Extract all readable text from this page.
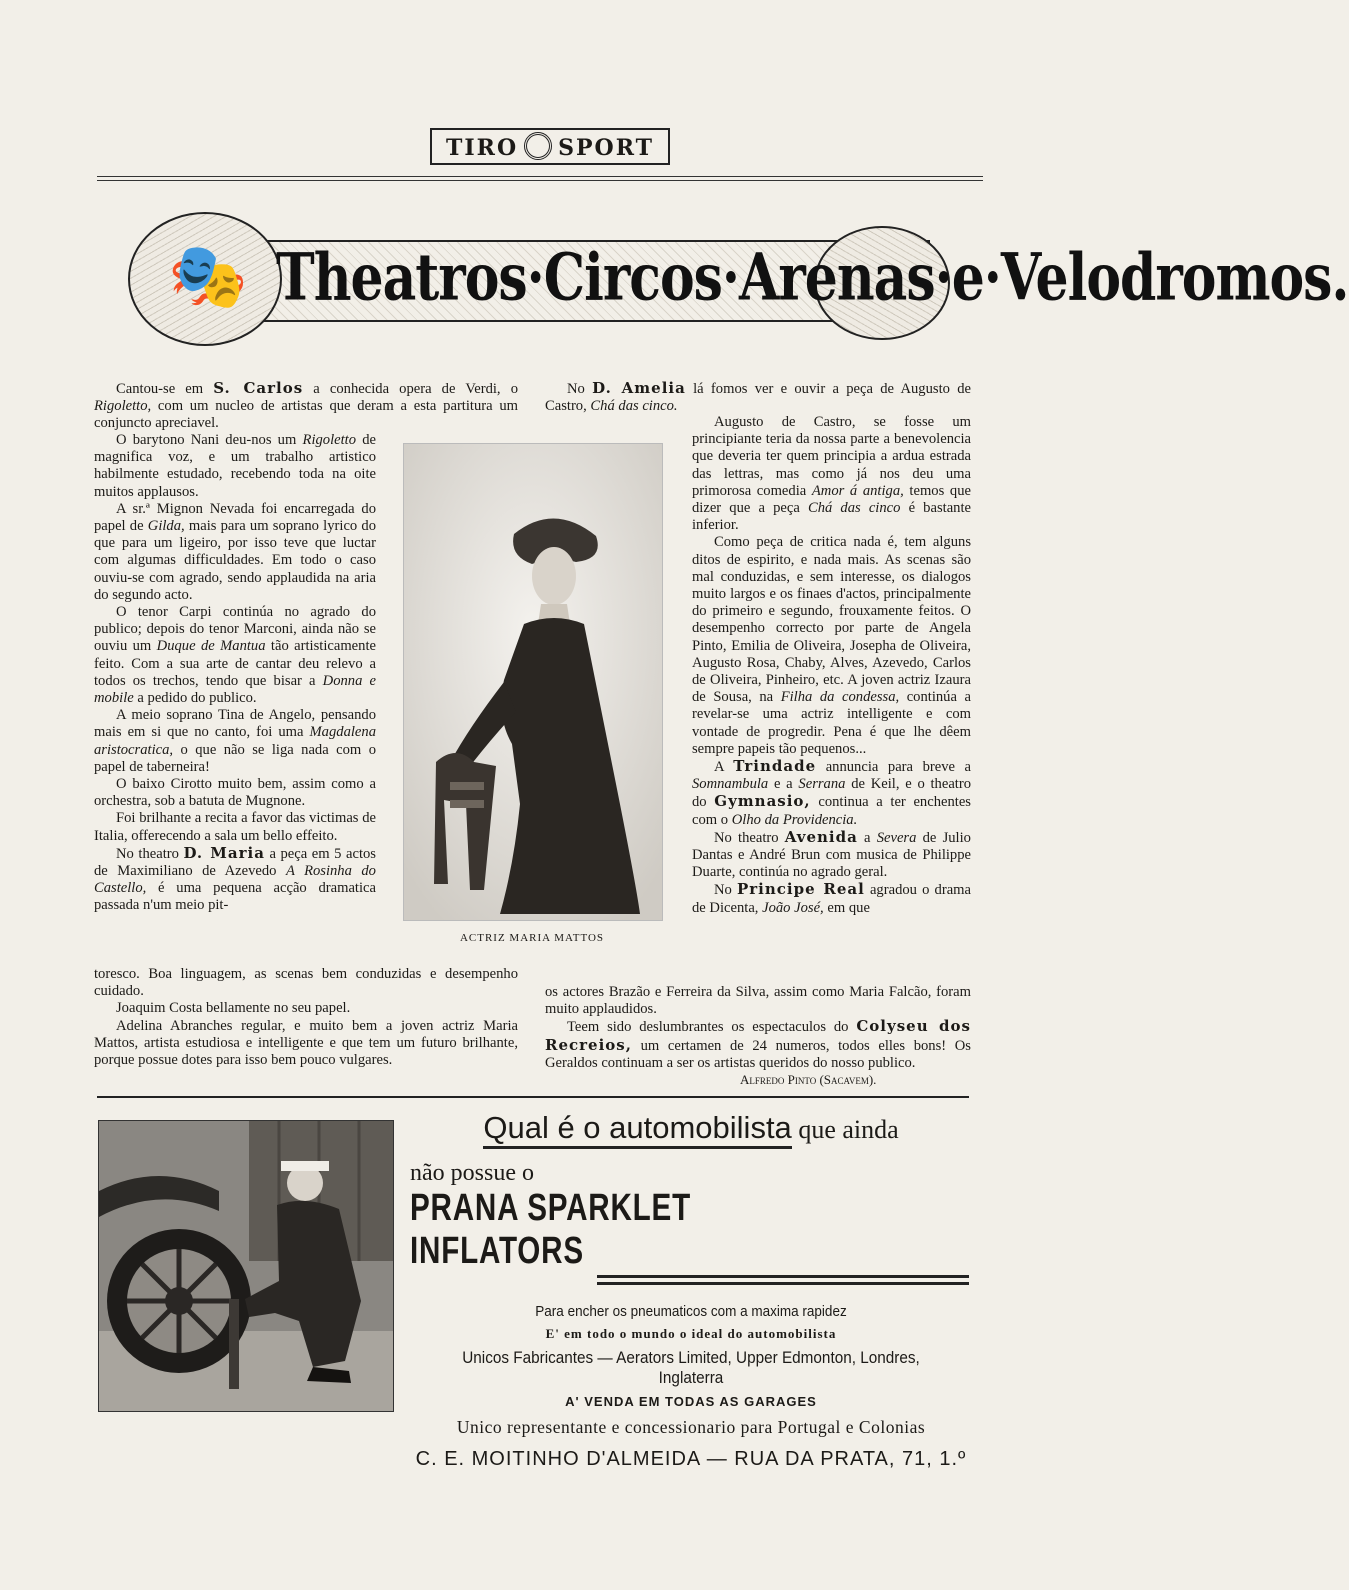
TIRO SPORT
🎭 Theatros·Circos·Arenas·e·Velodromos.

Cantou-se em S. Carlos a conhecida opera de Verdi, o Rigoletto, com um nucleo de artistas que deram a esta partitura um conjuncto apreciavel.

O barytono Nani deu-nos um Rigoletto de magnifica voz, e um trabalho artistico habilmente estudado, recebendo toda na oite muitos applausos.

A sr.ª Mignon Nevada foi encarregada do papel de Gilda, mais para um soprano lyrico do que para um ligeiro, por isso teve que luctar com algumas difficuldades. Em todo o caso ouviu-se com agrado, sendo applaudida na aria do segundo acto.

O tenor Carpi continúa no agrado do publico; depois do tenor Marconi, ainda não se ouviu um Duque de Mantua tão artisticamente feito. Com a sua arte de cantar deu relevo a todos os trechos, tendo que bisar a Donna e mobile a pedido do publico.

A meio soprano Tina de Angelo, pensando mais em si que no canto, foi uma Magdalena aristocratica, o que não se liga nada com o papel de taberneira!

O baixo Cirotto muito bem, assim como a orchestra, sob a batuta de Mugnone.

Foi brilhante a recita a favor das victimas de Italia, offerecendo a sala um bello effeito.

No theatro D. Maria a peça em 5 actos de Maximiliano de Azevedo A Rosinha do Castello, é uma pequena acção dramatica passada n'um meio pit-

toresco. Boa linguagem, as scenas bem conduzidas e desempenho cuidado.

Joaquim Costa bellamente no seu papel.

Adelina Abranches regular, e muito bem a joven actriz Maria Mattos, artista estudiosa e intelligente e que tem um futuro brilhante, porque possue dotes para isso bem pouco vulgares.

ACTRIZ MARIA MATTOS

No D. Amelia lá fomos ver e ouvir a peça de Augusto de Castro, Chá das cinco.

Augusto de Castro, se fosse um principiante teria da nossa parte a benevolencia que deveria ter quem principia a ardua estrada das lettras, mas como já nos deu uma primorosa comedia Amor á antiga, temos que dizer que a peça Chá das cinco é bastante inferior.

Como peça de critica nada é, tem alguns ditos de espirito, e nada mais. As scenas são mal conduzidas, e sem interesse, os dialogos muito largos e os finaes d'actos, principalmente do primeiro e segundo, frouxamente feitos. O desempenho correcto por parte de Angela Pinto, Emilia de Oliveira, Josepha de Oliveira, Augusto Rosa, Chaby, Alves, Azevedo, Carlos de Oliveira, Pinheiro, etc. A joven actriz Izaura de Sousa, na Filha da condessa, continúa a revelar-se uma actriz intelligente e com vontade de progredir. Pena é que lhe dêem sempre papeis tão pequenos...

A Trindade annuncia para breve a Somnambula e a Serrana de Keil, e o theatro do Gymnasio, continua a ter enchentes com o Olho da Providencia.

No theatro Avenida a Severa de Julio Dantas e André Brun com musica de Philippe Duarte, continúa no agrado geral.

No Principe Real agradou o drama de Dicenta, João José, em que

os actores Brazão e Ferreira da Silva, assim como Maria Falcão, foram muito applaudidos.

Teem sido deslumbrantes os espectaculos do Colyseu dos Recreios, um certamen de 24 numeros, todos elles bons! Os Geraldos continuam a ser os artistas queridos do nosso publico.

Alfredo Pinto (Sacavem).
Qual é o automobilista que ainda
não possue o PRANA SPARKLET INFLATORS
Para encher os pneumaticos com a maxima rapidez
E' em todo o mundo o ideal do automobilista
Unicos Fabricantes — Aerators Limited, Upper Edmonton, Londres, Inglaterra
A' VENDA EM TODAS AS GARAGES
Unico representante e concessionario para Portugal e Colonias
C. E. MOITINHO D'ALMEIDA — RUA DA PRATA, 71, 1.º
